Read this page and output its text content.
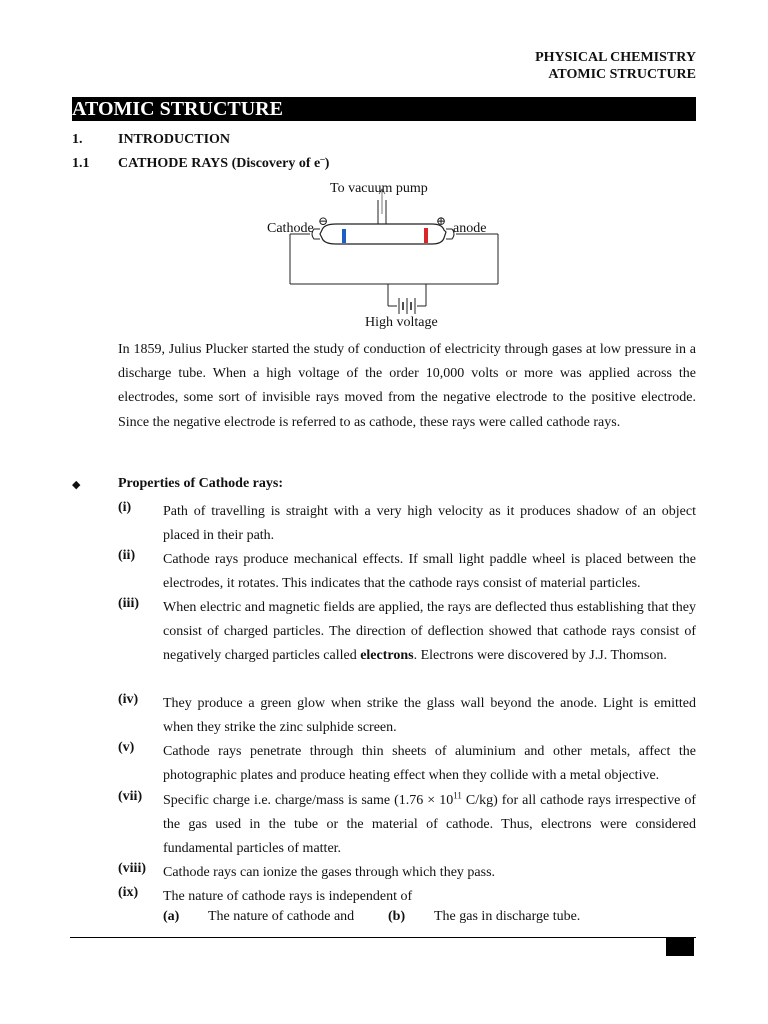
PHYSICAL CHEMISTRY
ATOMIC STRUCTURE
ATOMIC STRUCTURE
1.	INTRODUCTION
1.1 CATHODE RAYS (Discovery of e–)
To vacuum pump
Cathode ⊖	⊕ anode
High voltage

In 1859, Julius Plucker started the study of conduction of electricity through gases at low pressure in a discharge tube. When a high voltage of the order 10,000 volts or more was applied across the electrodes, some sort of invisible rays moved from the negative electrode to the positive electrode. Since the negative electrode is referred to as cathode, these rays were called cathode rays.

◆	Properties of Cathode rays:
(i) Path of travelling is straight with a very high velocity as it produces shadow of an object placed in their path.

(ii) Cathode rays produce mechanical effects. If small light paddle wheel is placed between the electrodes, it rotates. This indicates that the cathode rays consist of material particles.

(iii) When electric and magnetic fields are applied, the rays are deflected thus establishing that they consist of charged particles. The direction of deflection showed that cathode rays consist of negatively charged particles called electrons. Electrons were discovered by J.J. Thomson.

(iv) They produce a green glow when strike the glass wall beyond the anode. Light is emitted when they strike the zinc sulphide screen.

(v) Cathode rays penetrate through thin sheets of aluminium and other metals, affect the photographic plates and produce heating effect when they collide with a metal objective.

(vii) Specific charge i.e. charge/mass is same ($1.76 \times 10^{11}$ C/kg) for all cathode rays irrespective of the gas used in the tube or the material of cathode. Thus, electrons were considered fundamental particles of matter.

(viii) Cathode rays can ionize the gases through which they pass.

(ix) The nature of cathode rays is independent of

(a) The nature of cathode and (b) The gas in discharge tube.
